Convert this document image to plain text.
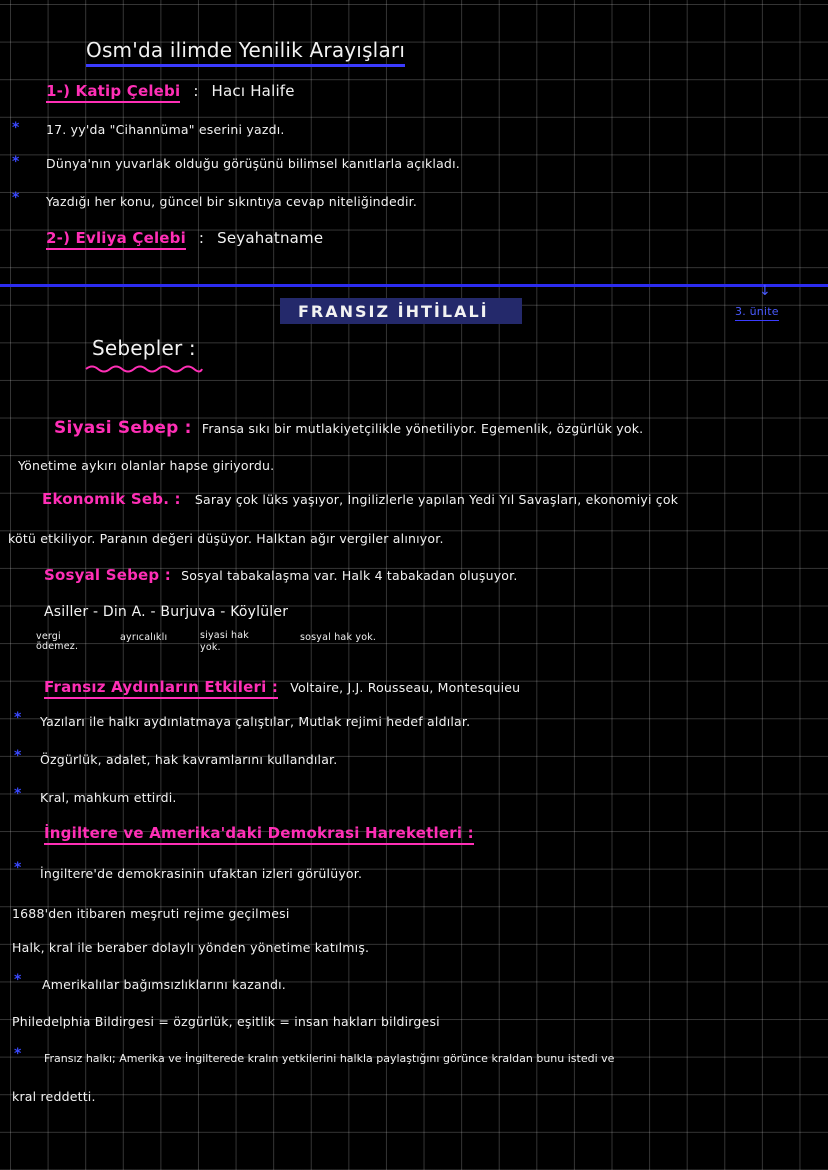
Osm'da ilimde Yenilik Arayışları
1-) Katip Çelebi : Hacı Halife
* 17. yy'da "Cihannüma" eserini yazdı.
* Dünya'nın yuvarlak olduğu görüşünü bilimsel kanıtlarla açıkladı.
* Yazdığı her konu, güncel bir sıkıntıya cevap niteliğindedir.
2-) Evliya Çelebi : Seyahatname
FRANSIZ İHTİLALİ
↓
3. ünite
Sebepler :
Siyasi Sebep : Fransa sıkı bir mutlakiyetçilikle yönetiliyor. Egemenlik, özgürlük yok.
Yönetime aykırı olanlar hapse giriyordu.
Ekonomik Seb. : Saray çok lüks yaşıyor, İngilizlerle yapılan Yedi Yıl Savaşları, ekonomiyi çok
kötü etkiliyor. Paranın değeri düşüyor. Halktan ağır vergiler alınıyor.
Sosyal Sebep : Sosyal tabakalaşma var. Halk 4 tabakadan oluşuyor.
Asiller - Din A. - Burjuva - Köylüler
vergi ödemez.
ayrıcalıklı	siyasi hak yok.
sosyal hak yok.
Fransız Aydınların Etkileri : Voltaire, J.J. Rousseau, Montesquieu
* Yazıları ile halkı aydınlatmaya çalıştılar, Mutlak rejimi hedef aldılar.
* Özgürlük, adalet, hak kavramlarını kullandılar.
* Kral, mahkum ettirdi.
İngiltere ve Amerika'daki Demokrasi Hareketleri :
* İngiltere'de demokrasinin ufaktan izleri görülüyor.
1688'den itibaren meşruti rejime geçilmesi
Halk, kral ile beraber dolaylı yönden yönetime katılmış.
* Amerikalılar bağımsızlıklarını kazandı.
Philedelphia Bildirgesi = özgürlük, eşitlik = insan hakları bildirgesi
* Fransız halkı; Amerika ve İngilterede kralın yetkilerini halkla paylaştığını görünce kraldan bunu istedi ve
kral reddetti.
